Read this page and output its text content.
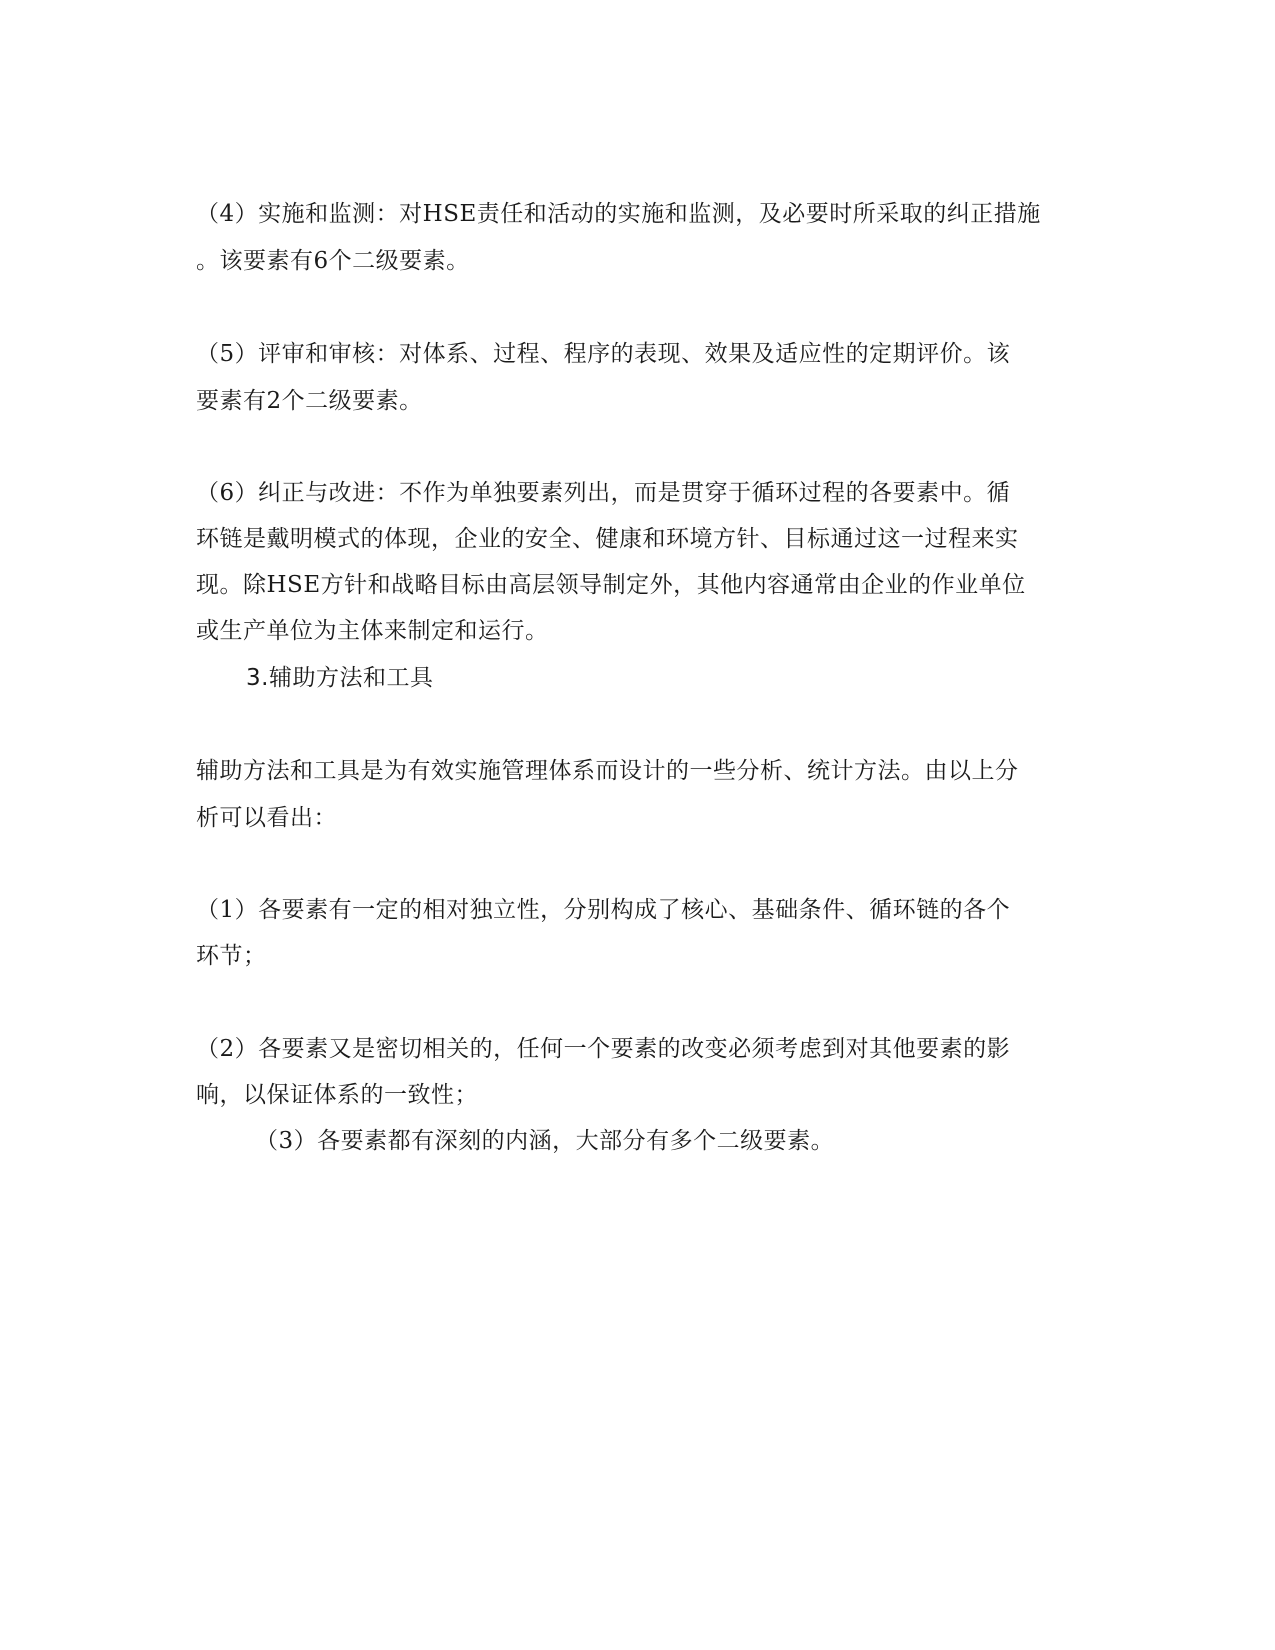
（4）实施和监测：对HSE责任和活动的实施和监测，及必要时所采取的纠正措施
。该要素有6个二级要素。
（5）评审和审核：对体系、过程、程序的表现、效果及适应性的定期评价。该
要素有2个二级要素。
（6）纠正与改进：不作为单独要素列出，而是贯穿于循环过程的各要素中。循
环链是戴明模式的体现，企业的安全、健康和环境方针、目标通过这一过程来实
现。除HSE方针和战略目标由高层领导制定外，其他内容通常由企业的作业单位
或生产单位为主体来制定和运行。
3.辅助方法和工具
辅助方法和工具是为有效实施管理体系而设计的一些分析、统计方法。由以上分
析可以看出：
（1）各要素有一定的相对独立性，分别构成了核心、基础条件、循环链的各个
环节；
（2）各要素又是密切相关的，任何一个要素的改变必须考虑到对其他要素的影
响，以保证体系的一致性；
（3）各要素都有深刻的内涵，大部分有多个二级要素。
